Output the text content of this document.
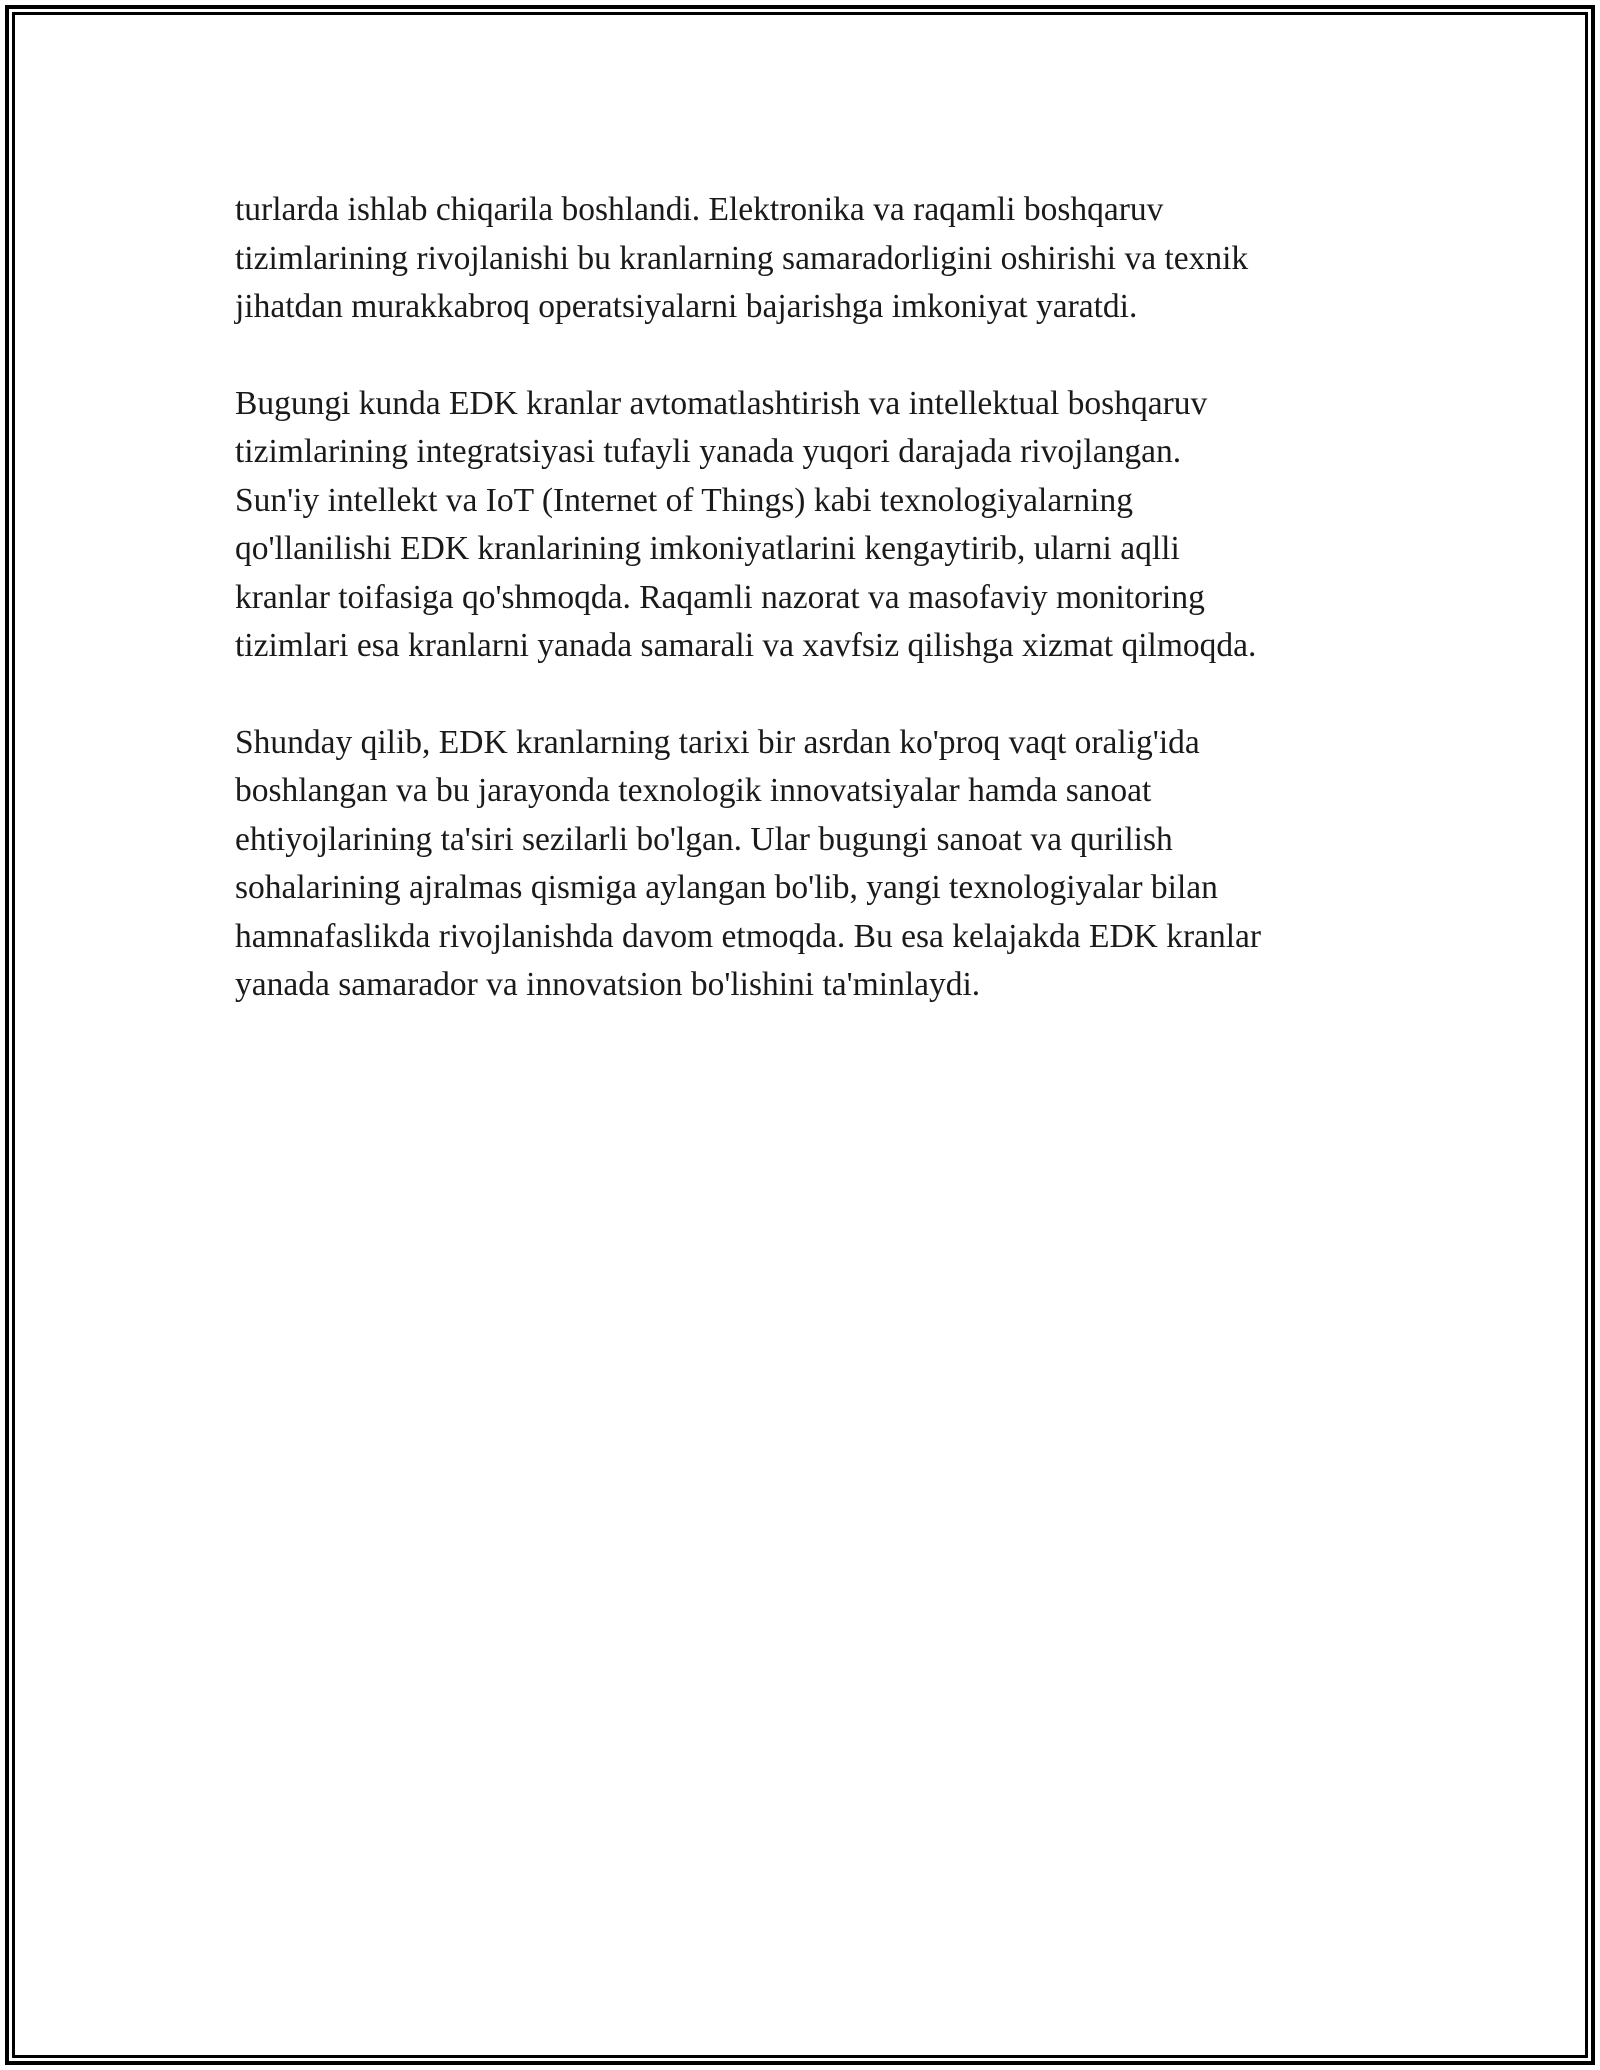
turlarda ishlab chiqarila boshlandi. Elektronika va raqamli boshqaruv
tizimlarining rivojlanishi bu kranlarning samaradorligini oshirishi va texnik
jihatdan murakkabroq operatsiyalarni bajarishga imkoniyat yaratdi.

Bugungi kunda EDK kranlar avtomatlashtirish va intellektual boshqaruv
tizimlarining integratsiyasi tufayli yanada yuqori darajada rivojlangan.
Sun'iy intellekt va IoT (Internet of Things) kabi texnologiyalarning
qo'llanilishi EDK kranlarining imkoniyatlarini kengaytirib, ularni aqlli
kranlar toifasiga qo'shmoqda. Raqamli nazorat va masofaviy monitoring
tizimlari esa kranlarni yanada samarali va xavfsiz qilishga xizmat qilmoqda.

Shunday qilib, EDK kranlarning tarixi bir asrdan ko'proq vaqt oralig'ida
boshlangan va bu jarayonda texnologik innovatsiyalar hamda sanoat
ehtiyojlarining ta'siri sezilarli bo'lgan. Ular bugungi sanoat va qurilish
sohalarining ajralmas qismiga aylangan bo'lib, yangi texnologiyalar bilan
hamnafaslikda rivojlanishda davom etmoqda. Bu esa kelajakda EDK kranlar
yanada samarador va innovatsion bo'lishini ta'minlaydi.
